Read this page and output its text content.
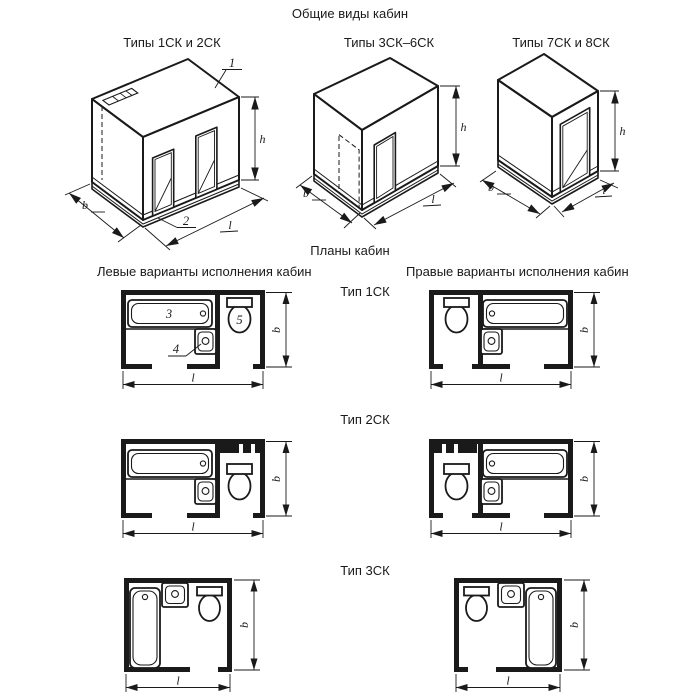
Общие виды кабин
Типы 1СК и 2СК	Типы 3СК–6СК	Типы 7СК и 8СК
1
2
h
b
l
h
b	l
h
b	l
Планы кабин
Левые варианты исполнения кабин	Правые варианты исполнения кабин
Тип 1СК
Тип 2СК
Тип 3СК
3
4
5
b
l
b
l
b
l
b
l
b
l
b
l
